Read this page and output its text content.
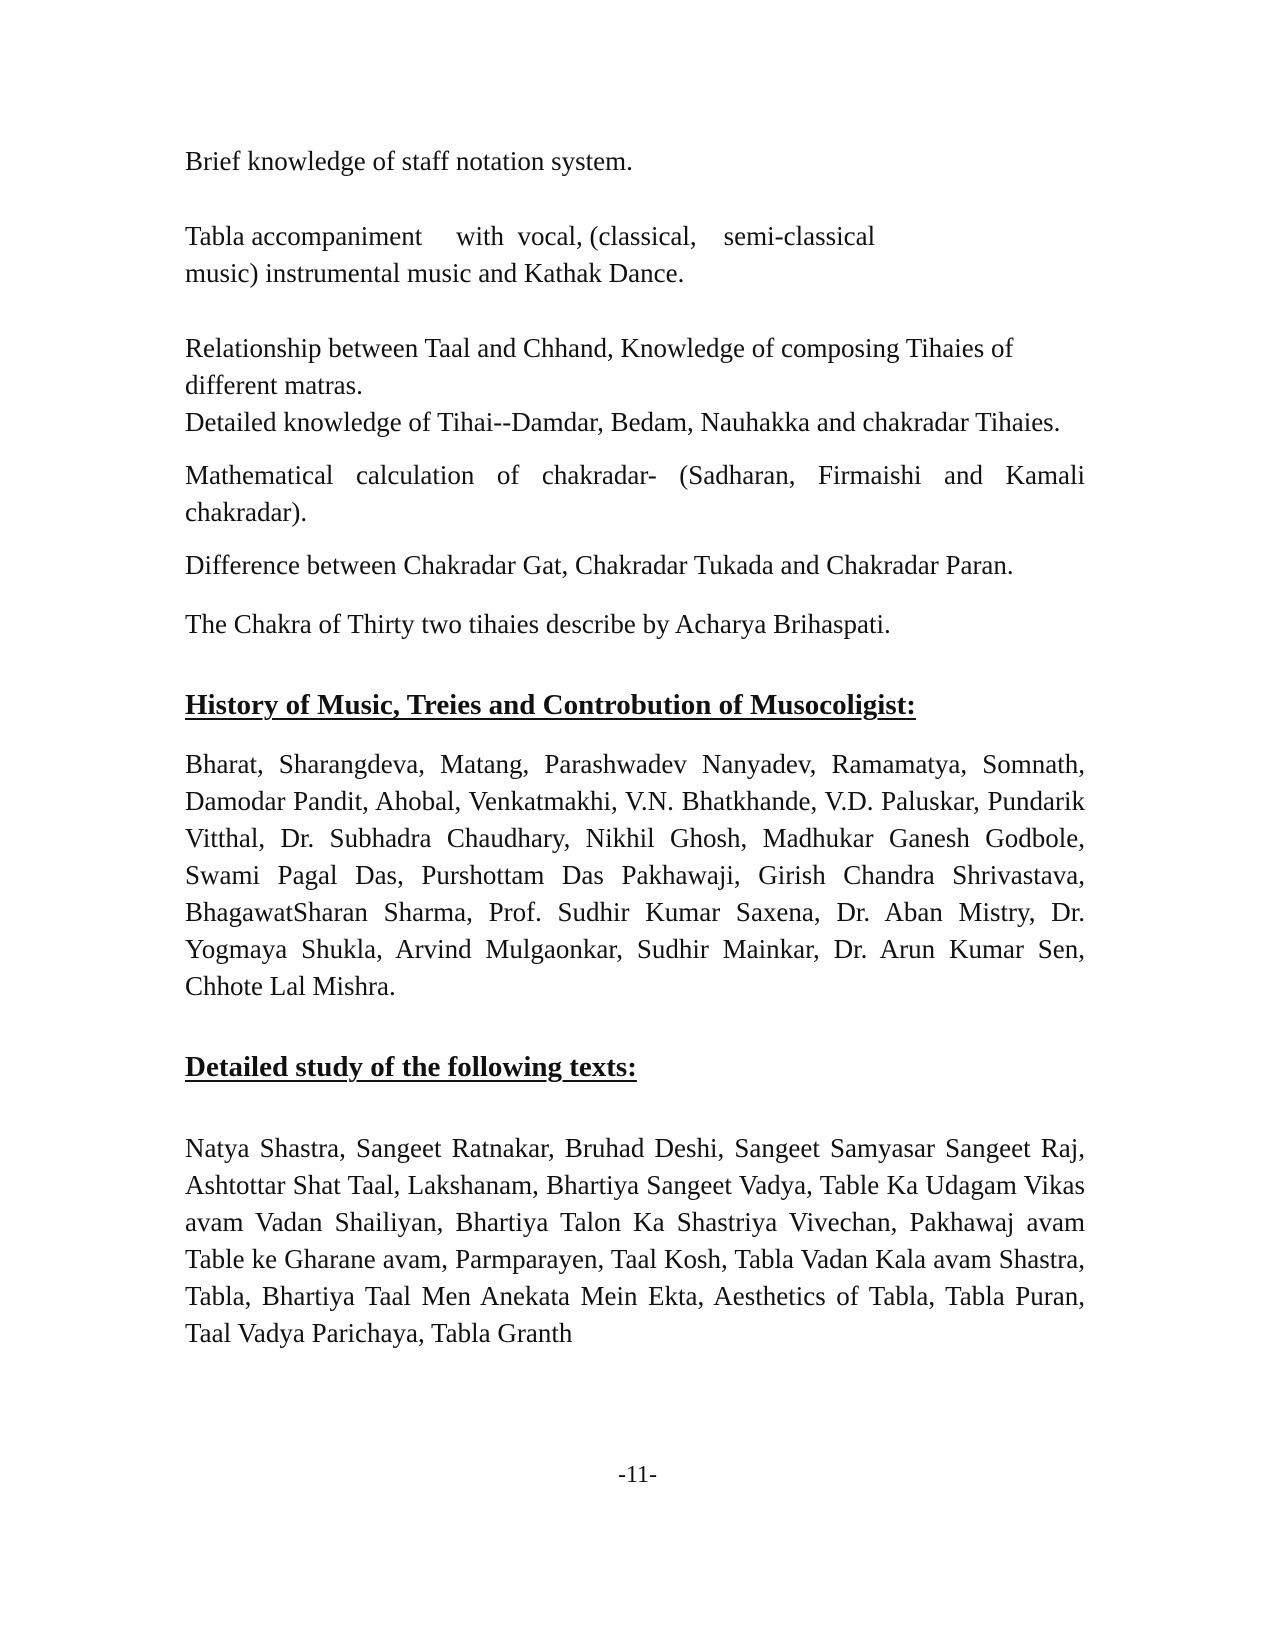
Brief knowledge of staff notation system.

Tabla accompaniment     with  vocal, (classical,    semi-classical

music) instrumental music and Kathak Dance.

Relationship between Taal and Chhand, Knowledge of composing Tihaies of different matras.

Detailed knowledge of Tihai--Damdar, Bedam, Nauhakka and chakradar Tihaies.

Mathematical calculation of chakradar- (Sadharan, Firmaishi and Kamali chakradar).

Difference between Chakradar Gat, Chakradar Tukada and Chakradar Paran.

The Chakra of Thirty two tihaies describe by Acharya Brihaspati.

History of Music, Treies and Controbution of Musocoligist:

Bharat, Sharangdeva, Matang, Parashwadev Nanyadev, Ramamatya, Somnath, Damodar Pandit, Ahobal, Venkatmakhi, V.N. Bhatkhande, V.D. Paluskar, Pundarik Vitthal, Dr. Subhadra Chaudhary, Nikhil Ghosh, Madhukar Ganesh Godbole, Swami Pagal Das, Purshottam Das Pakhawaji, Girish Chandra Shrivastava, BhagawatSharan Sharma, Prof. Sudhir Kumar Saxena, Dr. Aban Mistry, Dr. Yogmaya Shukla, Arvind Mulgaonkar, Sudhir Mainkar, Dr. Arun Kumar Sen, Chhote Lal Mishra.

Detailed study of the following texts:

Natya Shastra, Sangeet Ratnakar, Bruhad Deshi, Sangeet Samyasar Sangeet Raj, Ashtottar Shat Taal, Lakshanam, Bhartiya Sangeet Vadya, Table Ka Udagam Vikas avam Vadan Shailiyan, Bhartiya Talon Ka Shastriya Vivechan, Pakhawaj avam Table ke Gharane avam, Parmparayen, Taal Kosh, Tabla Vadan Kala avam Shastra, Tabla, Bhartiya Taal Men Anekata Mein Ekta, Aesthetics of Tabla, Tabla Puran, Taal Vadya Parichaya, Tabla Granth

-11-
